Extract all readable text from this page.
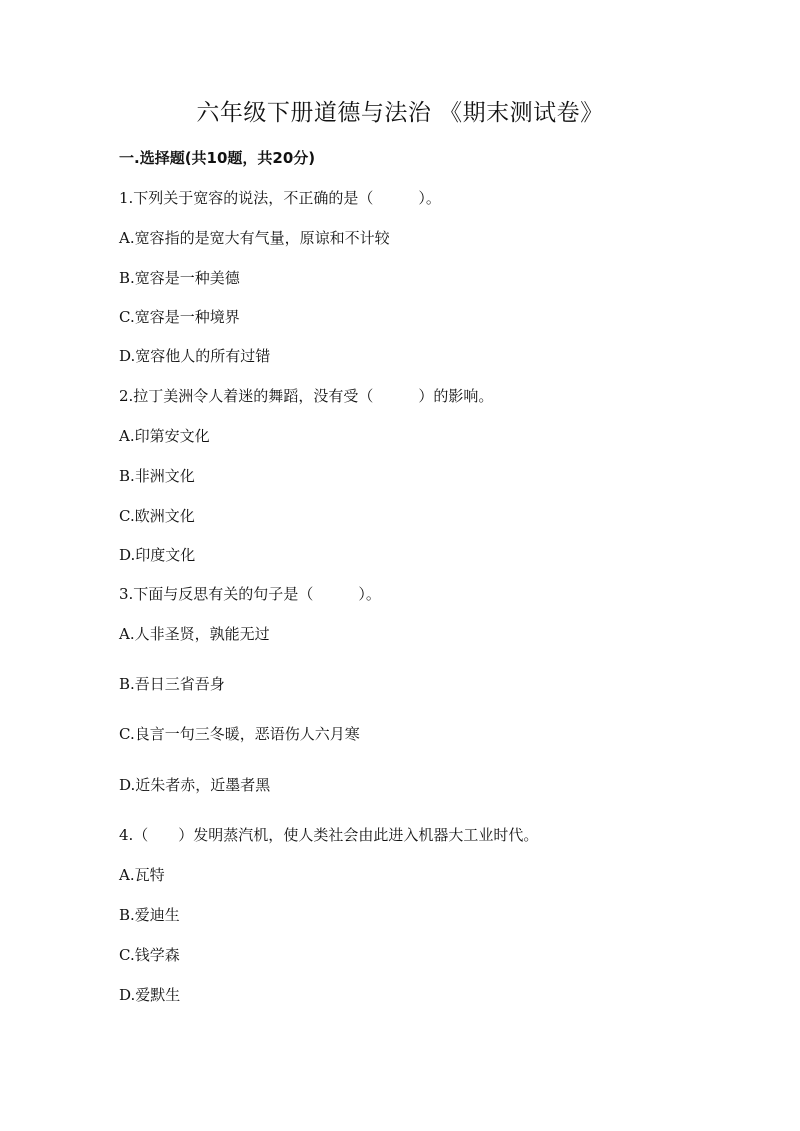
六年级下册道德与法治 《期末测试卷》
一.选择题(共10题，共20分)
1.下列关于宽容的说法，不正确的是（　　　）。
A.宽容指的是宽大有气量，原谅和不计较
B.宽容是一种美德
C.宽容是一种境界
D.宽容他人的所有过错
2.拉丁美洲令人着迷的舞蹈，没有受（　　　）的影响。
A.印第安文化
B.非洲文化
C.欧洲文化
D.印度文化
3.下面与反思有关的句子是（　　　）。
A.人非圣贤，孰能无过
B.吾日三省吾身
C.良言一句三冬暖，恶语伤人六月寒
D.近朱者赤，近墨者黑
4.（　　）发明蒸汽机，使人类社会由此进入机器大工业时代。
A.瓦特
B.爱迪生
C.钱学森
D.爱默生
